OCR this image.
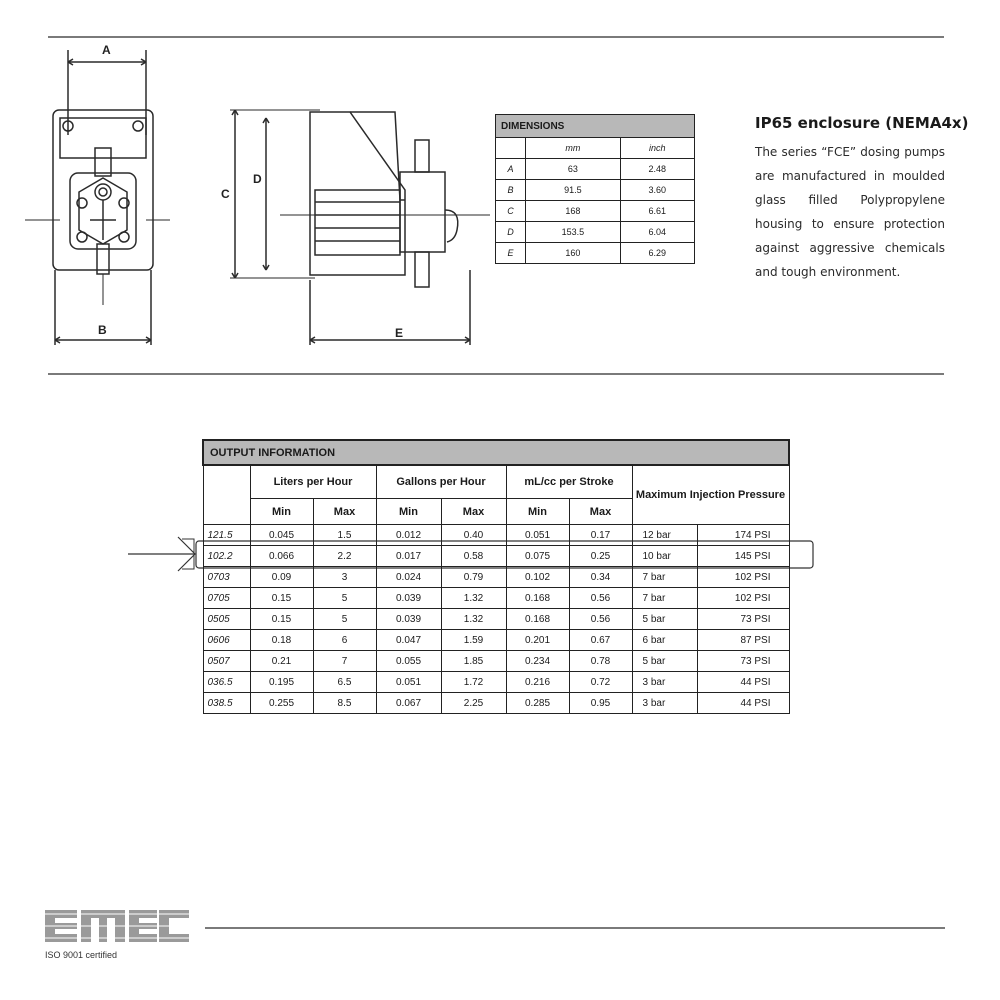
A
B
C
D
E
DIMENSIONS		
	mm	inch
A	63	2.48
B	91.5	3.60
C	168	6.61
D	153.5	6.04
E	160	6.29
IP65 enclosure (NEMA4x)
The series “FCE” dosing pumps are manufactured in moulded glass filled Polypropylene housing to ensure protection against aggressive chemicals and tough environment.
OUTPUT INFORMATION								
	Liters per Hour		Gallons per Hour		mL/cc per Stroke		Maximum Injection Pressure	
	Min	Max	Min	Max	Min	Max		
121.5	0.045	1.5	0.012	0.40	0.051	0.17	12 bar	174 PSI
102.2	0.066	2.2	0.017	0.58	0.075	0.25	10 bar	145 PSI
0703	0.09	3	0.024	0.79	0.102	0.34	7 bar	102 PSI
0705	0.15	5	0.039	1.32	0.168	0.56	7 bar	102 PSI
0505	0.15	5	0.039	1.32	0.168	0.56	5 bar	73 PSI
0606	0.18	6	0.047	1.59	0.201	0.67	6 bar	87 PSI
0507	0.21	7	0.055	1.85	0.234	0.78	5 bar	73 PSI
036.5	0.195	6.5	0.051	1.72	0.216	0.72	3 bar	44 PSI
038.5	0.255	8.5	0.067	2.25	0.285	0.95	3 bar	44 PSI
ISO 9001 certified
